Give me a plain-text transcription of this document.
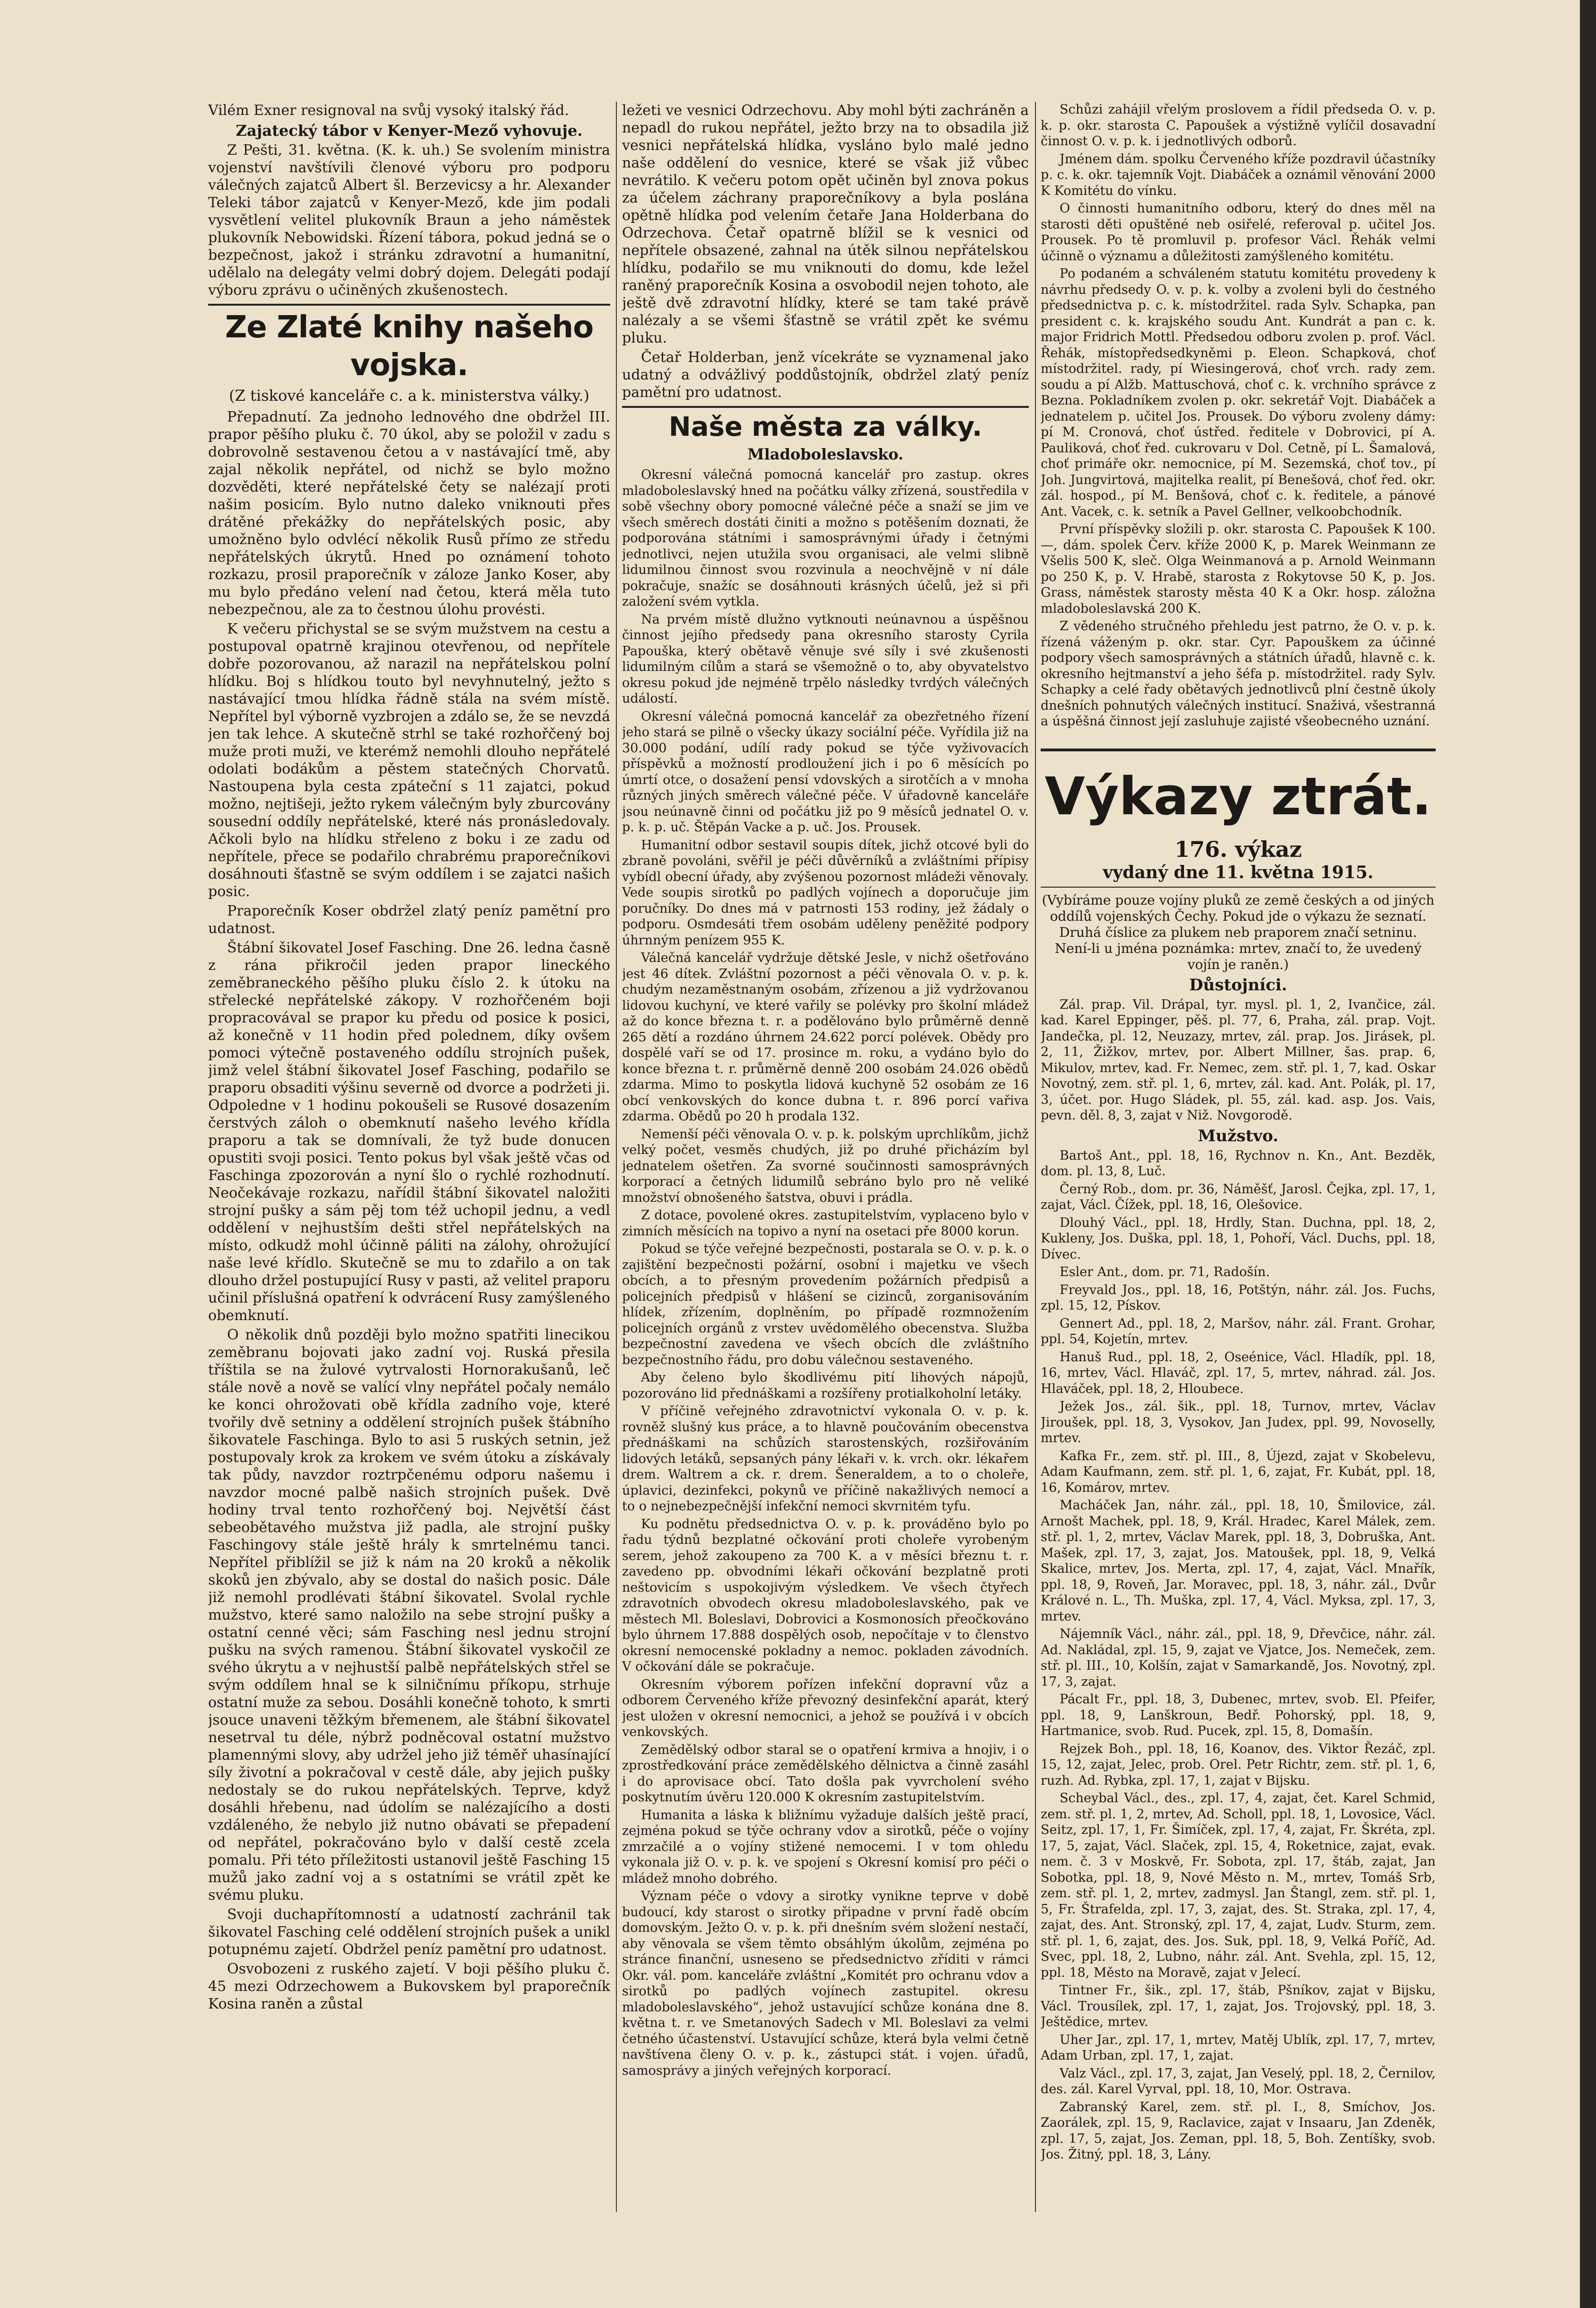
Vilém Exner resignoval na svůj vysoký italský řád.

Zajatecký tábor v Kenyer-Mező vyhovuje.

Z Pešti, 31. května. (K. k. uh.) Se svolením ministra vojenství navštívili členové výboru pro podporu válečných zajatců Albert šl. Berzevicsy a hr. Alexander Teleki tábor zajatců v Kenyer-Mező, kde jim podali vysvětlení velitel plukovník Braun a jeho náměstek plukovník Nebowidski. Řízení tábora, pokud jedná se o bezpečnost, jakož i stránku zdravotní a humanitní, udělalo na delegáty velmi dobrý dojem. Delegáti podají výboru zprávu o učiněných zkušenostech.

Ze Zlaté knihy našeho vojska.
(Z tiskové kanceláře c. a k. ministerstva války.)

Přepadnutí. Za jednoho lednového dne obdržel III. prapor pěšího pluku č. 70 úkol, aby se položil v zadu s dobrovolně sestavenou četou a v nastávající tmě, aby zajal několik nepřátel, od nichž se bylo možno dozvěděti, které nepřátelské čety se nalézají proti našim posicím. Bylo nutno daleko vniknouti přes drátěné překážky do nepřátelských posic, aby umožněno bylo odvlécí několik Rusů přímo ze středu nepřátelských úkrytů. Hned po oznámení tohoto rozkazu, prosil praporečník v záloze Janko Koser, aby mu bylo předáno velení nad četou, která měla tuto nebezpečnou, ale za to čestnou úlohu provésti.

K večeru přichystal se se svým mužstvem na cestu a postupoval opatrně krajinou otevřenou, od nepřítele dobře pozorovanou, až narazil na nepřátelskou polní hlídku. Boj s hlídkou touto byl nevyhnutelný, ježto s nastávající tmou hlídka řádně stála na svém místě. Nepřítel byl výborně vyzbrojen a zdálo se, že se nevzdá jen tak lehce. A skutečně strhl se také rozhořčený boj muže proti muži, ve kterémž nemohli dlouho nepřátelé odolati bodákům a pěstem statečných Chorvatů. Nastoupena byla cesta zpáteční s 11 zajatci, pokud možno, nejtišeji, ježto rykem válečným byly zburcovány sousední oddíly nepřátelské, které nás pronásledovaly. Ačkoli bylo na hlídku střeleno z boku i ze zadu od nepřítele, přece se podařilo chrabrému praporečníkovi dosáhnouti šťastně se svým oddílem i se zajatci našich posic.

Praporečník Koser obdržel zlatý peníz pamětní pro udatnost.

Štábní šikovatel Josef Fasching. Dne 26. ledna časně z rána přikročil jeden prapor lineckého zeměbraneckého pěšího pluku číslo 2. k útoku na střelecké nepřátelské zákopy. V rozhořčeném boji propracovával se prapor ku předu od posice k posici, až konečně v 11 hodin před polednem, díky ovšem pomoci výtečně postaveného oddílu strojních pušek, jimž velel štábní šikovatel Josef Fasching, podařilo se praporu obsaditi výšinu severně od dvorce a podržeti ji. Odpoledne v 1 hodinu pokoušeli se Rusové dosazením čerstvých záloh o obemknutí našeho levého křídla praporu a tak se domnívali, že tyž bude donucen opustiti svoji posici. Tento pokus byl však ještě včas od Faschinga zpozorován a nyní šlo o rychlé rozhodnutí. Neočekávaje rozkazu, nařídil štábní šikovatel naložiti strojní pušky a sám pěj tom též uchopil jednu, a vedl oddělení v nejhustším dešti střel nepřátelských na místo, odkudž mohl účinně páliti na zálohy, ohrožující naše levé křídlo. Skutečně se mu to zdařilo a on tak dlouho držel postupující Rusy v pasti, až velitel praporu učinil příslušná opatření k odvrácení Rusy zamýšleného obemknutí.

O několik dnů později bylo možno spatřiti linecikou zeměbranu bojovati jako zadní voj. Ruská přesila tříštila se na žulové vytrvalosti Hornorakušanů, leč stále nově a nově se valící vlny nepřátel počaly nemálo ke konci ohrožovati obě křídla zadního voje, které tvořily dvě setniny a oddělení strojních pušek štábního šikovatele Faschinga. Bylo to asi 5 ruských setnin, jež postupovaly krok za krokem ve svém útoku a získávaly tak půdy, navzdor roztrpčenému odporu našemu i navzdor mocné palbě našich strojních pušek. Dvě hodiny trval tento rozhořčený boj. Největší část sebeobětavého mužstva již padla, ale strojní pušky Faschingovy stále ještě hrály k smrtelnému tanci. Nepřítel přiblížil se již k nám na 20 kroků a několik skoků jen zbývalo, aby se dostal do našich posic. Dále již nemohl prodlévati štábní šikovatel. Svolal rychle mužstvo, které samo naložilo na sebe strojní pušky a ostatní cenné věci; sám Fasching nesl jednu strojní pušku na svých ramenou. Štábní šikovatel vyskočil ze svého úkrytu a v nejhustší palbě nepřátelských střel se svým oddílem hnal se k silničnímu příkopu, strhuje ostatní muže za sebou. Dosáhli konečně tohoto, k smrti jsouce unaveni těžkým břemenem, ale štábní šikovatel nesetrval tu déle, nýbrž podněcoval ostatní mužstvo plamennými slovy, aby udržel jeho již téměř uhasínající síly životní a pokračoval v cestě dále, aby jejich pušky nedostaly se do rukou nepřátelských. Teprve, když dosáhli hřebenu, nad údolím se nalézajícího a dosti vzdáleného, že nebylo již nutno obávati se přepadení od nepřátel, pokračováno bylo v další cestě zcela pomalu. Při této příležitosti ustanovil ještě Fasching 15 mužů jako zadní voj a s ostatními se vrátil zpět ke svému pluku.

Svoji duchapřítomností a udatností zachránil tak šikovatel Fasching celé oddělení strojních pušek a unikl potupnému zajetí. Obdržel peníz pamětní pro udatnost.

Osvobozeni z ruského zajetí. V boji pěšího pluku č. 45 mezi Odrzechowem a Bukovskem byl praporečník Kosina raněn a zůstal

ležeti ve vesnici Odrzechovu. Aby mohl býti zachráněn a nepadl do rukou nepřátel, ježto brzy na to obsadila již vesnici nepřátelská hlídka, vysláno bylo malé jedno naše oddělení do vesnice, které se však již vůbec nevrátilo. K večeru potom opět učiněn byl znova pokus za účelem záchrany praporečníkovy a byla poslána opětně hlídka pod velením četaře Jana Holderbana do Odrzechova. Četař opatrně blížil se k vesnici od nepřítele obsazené, zahnal na útěk silnou nepřátelskou hlídku, podařilo se mu vniknouti do domu, kde ležel raněný praporečník Kosina a osvobodil nejen tohoto, ale ještě dvě zdravotní hlídky, které se tam také právě nalézaly a se všemi šťastně se vrátil zpět ke svému pluku.

Četař Holderban, jenž vícekráte se vyznamenal jako udatný a odvážlivý poddůstojník, obdržel zlatý peníz pamětní pro udatnost.

Naše města za války.
Mladoboleslavsko.

Okresní válečná pomocná kancelář pro zastup. okres mladoboleslavský hned na počátku války zřízená, soustředila v sobě všechny obory pomocné válečné péče a snaží se jim ve všech směrech dostáti činiti a možno s potěšením doznati, že podporována státními i samosprávnými úřady i četnými jednotlivci, nejen utužila svou organisaci, ale velmi slibně lidumilnou činnost svou rozvinula a neochvějně v ní dále pokračuje, snažíc se dosáhnouti krásných účelů, jež si při založení svém vytkla.

Na prvém místě dlužno vytknouti neúnavnou a úspěšnou činnost jejího předsedy pana okresního starosty Cyrila Papouška, který obětavě věnuje své síly i své zkušenosti lidumilným cílům a stará se všemožně o to, aby obyvatelstvo okresu pokud jde nejméně trpělo následky tvrdých válečných událostí.

Okresní válečná pomocná kancelář za obezřetného řízení jeho stará se pilně o všecky úkazy sociální péče. Vyřídila již na 30.000 podání, udílí rady pokud se týče vyživovacích příspěvků a možností prodloužení jich i po 6 měsících po úmrtí otce, o dosažení pensí vdovských a sirotčích a v mnoha různých jiných směrech válečné péče. V úřadovně kanceláře jsou neúnavně činni od počátku již po 9 měsíců jednatel O. v. p. k. p. uč. Štěpán Vacke a p. uč. Jos. Prousek.

Humanitní odbor sestavil soupis dítek, jichž otcové byli do zbraně povoláni, svěřil je péči důvěrníků a zvláštními přípisy vybídl obecní úřady, aby zvýšenou pozornost mládeži věnovaly. Vede soupis sirotků po padlých vojínech a doporučuje jim poručníky. Do dnes má v patrnosti 153 rodiny, jež žádaly o podporu. Osmdesáti třem osobám uděleny peněžité podpory úhrnným penízem 955 K.

Válečná kancelář vydržuje dětské Jesle, v nichž ošetřováno jest 46 dítek. Zvláštní pozornost a péči věnovala O. v. p. k. chudým nezaměstnaným osobám, zřízenou a již vydržovanou lidovou kuchyní, ve které vařily se polévky pro školní mládež až do konce března t. r. a podělováno bylo průměrně denně 265 dětí a rozdáno úhrnem 24.622 porcí polévek. Obědy pro dospělé vaří se od 17. prosince m. roku, a vydáno bylo do konce března t. r. průměrně denně 200 osobám 24.026 obědů zdarma. Mimo to poskytla lidová kuchyně 52 osobám ze 16 obcí venkovských do konce dubna t. r. 896 porcí vařiva zdarma. Obědů po 20 h prodala 132.

Nemenší péči věnovala O. v. p. k. polským uprchlíkům, jichž velký počet, vesměs chudých, již po druhé přicházím byl jednatelem ošetřen. Za svorné součinnosti samosprávných korporací a četných lidumilů sebráno bylo pro ně veliké množství obnošeného šatstva, obuvi i prádla.

Z dotace, povolené okres. zastupitelstvím, vyplaceno bylo v zimních měsících na topivo a nyní na osetaci pře 8000 korun.

Pokud se týče veřejné bezpečnosti, postarala se O. v. p. k. o zajištění bezpečnosti požární, osobní i majetku ve všech obcích, a to přesným provedením požárních předpisů a policejních předpisů v hlášení se cizinců, zorganisováním hlídek, zřízením, doplněním, po případě rozmnožením policejních orgánů z vrstev uvědomělého obecenstva. Služba bezpečnostní zavedena ve všech obcích dle zvláštního bezpečnostního řádu, pro dobu válečnou sestaveného.

Aby čeleno bylo škodlivému pití lihových nápojů, pozorováno lid přednáškami a rozšířeny protialkoholní letáky.

V příčině veřejného zdravotnictví vykonala O. v. p. k. rovněž slušný kus práce, a to hlavně poučováním obecenstva přednáškami na schůzích starostenských, rozšiřováním lidových letáků, sepsaných pány lékaři v. k. vrch. okr. lékařem drem. Waltrem a ck. r. drem. Šeneraldem, a to o choleře, úplavici, dezinfekci, pokynů ve příčině nakažlivých nemocí a to o nejnebezpečnější infekční nemoci skvrnitém tyfu.

Ku podnětu předsednictva O. v. p. k. prováděno bylo po řadu týdnů bezplatné očkování proti choleře vyrobeným serem, jehož zakoupeno za 700 K. a v měsíci březnu t. r. zavedeno pp. obvodními lékaři očkování bezplatně proti neštovicím s uspokojivým výsledkem. Ve všech čtyřech zdravotních obvodech okresu mladoboleslavského, pak ve městech Ml. Boleslavi, Dobrovici a Kosmonosích přeočkováno bylo úhrnem 17.888 dospělých osob, nepočítaje v to členstvo okresní nemocenské pokladny a nemoc. pokladen závodních. V očkování dále se pokračuje.

Okresním výborem pořízen infekční dopravní vůz a odborem Červeného kříže převozný desinfekční aparát, který jest uložen v okresní nemocnici, a jehož se používá i v obcích venkovských.

Zemědělský odbor staral se o opatření krmiva a hnojiv, i o zprostředkování práce zemědělského dělnictva a činně zasáhl i do aprovisace obcí. Tato došla pak vyvrcholení svého poskytnutím úvěru 120.000 K okresním zastupitelstvím.

Humanita a láska k bližnímu vyžaduje dalších ještě prací, zejména pokud se týče ochrany vdov a sirotků, péče o vojíny zmrzačilé a o vojíny stižené nemocemi. I v tom ohledu vykonala již O. v. p. k. ve spojení s Okresní komisí pro péči o mládež mnoho dobrého.

Význam péče o vdovy a sirotky vynikne teprve v době budoucí, kdy starost o sirotky připadne v první řadě obcím domovským. Ježto O. v. p. k. při dnešním svém složení nestačí, aby věnovala se všem těmto obsáhlým úkolům, zejména po stránce finanční, usneseno se předsednictvo zříditi v rámci Okr. vál. pom. kanceláře zvláštní „Komitét pro ochranu vdov a sirotků po padlých vojínech zastupitel. okresu mladoboleslavského“, jehož ustavující schůze konána dne 8. května t. r. ve Smetanových Sadech v Ml. Boleslavi za velmi četného účastenství. Ustavující schůze, která byla velmi četně navštívena členy O. v. p. k., zástupci stát. i vojen. úřadů, samosprávy a jiných veřejných korporací.

Schůzi zahájil vřelým proslovem a řídil předseda O. v. p. k. p. okr. starosta C. Papoušek a výstižně vylíčil dosavadní činnost O. v. p. k. i jednotlivých odborů.

Jménem dám. spolku Červeného kříže pozdravil účastníky p. c. k. okr. tajemník Vojt. Diabáček a oznámil věnování 2000 K Komitétu do vínku.

O činnosti humanitního odboru, který do dnes měl na starosti děti opuštěné neb osiřelé, referoval p. učitel Jos. Prousek. Po tě promluvil p. profesor Václ. Řehák velmi účinně o významu a důležitosti zamýšleného komitétu.

Po podaném a schváleném statutu komitétu provedeny k návrhu předsedy O. v. p. k. volby a zvoleni byli do čestného předsednictva p. c. k. místodržitel. rada Sylv. Schapka, pan president c. k. krajského soudu Ant. Kundrát a pan c. k. major Fridrich Mottl. Předsedou odboru zvolen p. prof. Václ. Řehák, místopředsedkyněmi p. Eleon. Schapková, choť místodržitel. rady, pí Wiesingerová, choť vrch. rady zem. soudu a pí Alžb. Mattuschová, choť c. k. vrchního správce z Bezna. Pokladníkem zvolen p. okr. sekretář Vojt. Diabáček a jednatelem p. učitel Jos. Prousek. Do výboru zvoleny dámy: pí M. Cronová, choť ústřed. ředitele v Dobrovici, pí A. Pauliková, choť řed. cukrovaru v Dol. Cetně, pí L. Šamalová, choť primáře okr. nemocnice, pí M. Sezemská, choť tov., pí Joh. Jungvirtová, majitelka realit, pí Benešová, choť řed. okr. zál. hospod., pí M. Benšová, choť c. k. ředitele, a pánové Ant. Vacek, c. k. setník a Pavel Gellner, velkoobchodník.

První příspěvky složili p. okr. starosta C. Papoušek K 100.—, dám. spolek Červ. kříže 2000 K, p. Marek Weinmann ze Všelis 500 K, sleč. Olga Weinmanová a p. Arnold Weinmann po 250 K, p. V. Hrabě, starosta z Rokytovse 50 K, p. Jos. Grass, náměstek starosty města 40 K a Okr. hosp. záložna mladoboleslavská 200 K.

Z vědeného stručného přehledu jest patrno, že O. v. p. k. řízená váženým p. okr. star. Cyr. Papouškem za účinné podpory všech samosprávných a státních úřadů, hlavně c. k. okresního hejtmanství a jeho šéfa p. místodržitel. rady Sylv. Schapky a celé řady obětavých jednotlivců plní čestně úkoly dnešních pohnutých válečných institucí. Snaživá, všestranná a úspěšná činnost její zasluhuje zajisté všeobecného uznání.

Výkazy ztrát.
176. výkaz
vydaný dne 11. května 1915.
(Vybíráme pouze vojíny pluků ze země českých a od jiných oddílů vojenských Čechy. Pokud jde o výkazu že seznatí. Druhá číslice za plukem neb praporem značí setninu. Není-li u jména poznámka: mrtev, značí to, že uvedený vojín je raněn.)
Důstojníci.

Zál. prap. Vil. Drápal, tyr. mysl. pl. 1, 2, Ivančice, zál. kad. Karel Eppinger, pěš. pl. 77, 6, Praha, zál. prap. Vojt. Jandečka, pl. 12, Neuzazy, mrtev, zál. prap. Jos. Jirásek, pl. 2, 11, Žižkov, mrtev, por. Albert Millner, šas. prap. 6, Mikulov, mrtev, kad. Fr. Nemec, zem. stř. pl. 1, 7, kad. Oskar Novotný, zem. stř. pl. 1, 6, mrtev, zál. kad. Ant. Polák, pl. 17, 3, účet. por. Hugo Sládek, pl. 55, zál. kad. asp. Jos. Vais, pevn. děl. 8, 3, zajat v Niž. Novgorodě.

Mužstvo.

Bartoš Ant., ppl. 18, 16, Rychnov n. Kn., Ant. Bezděk, dom. pl. 13, 8, Luč.

Černý Rob., dom. pr. 36, Náměšť, Jarosl. Čejka, zpl. 17, 1, zajat, Václ. Čížek, ppl. 18, 16, Olešovice.

Dlouhý Václ., ppl. 18, Hrdly, Stan. Duchna, ppl. 18, 2, Kukleny, Jos. Duška, ppl. 18, 1, Pohoří, Václ. Duchs, ppl. 18, Dívec.

Esler Ant., dom. pr. 71, Radošín.

Freyvald Jos., ppl. 18, 16, Potštýn, náhr. zál. Jos. Fuchs, zpl. 15, 12, Pískov.

Gennert Ad., ppl. 18, 2, Maršov, náhr. zál. Frant. Grohar, ppl. 54, Kojetín, mrtev.

Hanuš Rud., ppl. 18, 2, Oseénice, Václ. Hladík, ppl. 18, 16, mrtev, Václ. Hlaváč, zpl. 17, 5, mrtev, náhrad. zál. Jos. Hlaváček, ppl. 18, 2, Hloubece.

Ježek Jos., zál. šik., ppl. 18, Turnov, mrtev, Václav Jiroušek, ppl. 18, 3, Vysokov, Jan Judex, ppl. 99, Novoselly, mrtev.

Kafka Fr., zem. stř. pl. III., 8, Újezd, zajat v Skobelevu, Adam Kaufmann, zem. stř. pl. 1, 6, zajat, Fr. Kubát, ppl. 18, 16, Komárov, mrtev.

Macháček Jan, náhr. zál., ppl. 18, 10, Šmilovice, zál. Arnošt Machek, ppl. 18, 9, Král. Hradec, Karel Málek, zem. stř. pl. 1, 2, mrtev, Václav Marek, ppl. 18, 3, Dobruška, Ant. Mašek, zpl. 17, 3, zajat, Jos. Matoušek, ppl. 18, 9, Velká Skalice, mrtev, Jos. Merta, zpl. 17, 4, zajat, Václ. Mnařík, ppl. 18, 9, Roveň, Jar. Moravec, ppl. 18, 3, náhr. zál., Dvůr Králové n. L., Th. Muška, zpl. 17, 4, Václ. Myksa, zpl. 17, 3, mrtev.

Nájemník Václ., náhr. zál., ppl. 18, 9, Dřevčice, náhr. zál. Ad. Nakládal, zpl. 15, 9, zajat ve Vjatce, Jos. Nemeček, zem. stř. pl. III., 10, Kolšín, zajat v Samarkandě, Jos. Novotný, zpl. 17, 3, zajat.

Pácalt Fr., ppl. 18, 3, Dubenec, mrtev, svob. El. Pfeifer, ppl. 18, 9, Lanškroun, Bedř. Pohorský, ppl. 18, 9, Hartmanice, svob. Rud. Pucek, zpl. 15, 8, Domašín.

Rejzek Boh., ppl. 18, 16, Koanov, des. Viktor Řezáč, zpl. 15, 12, zajat, Jelec, prob. Orel. Petr Richtr, zem. stř. pl. 1, 6, ruzh. Ad. Rybka, zpl. 17, 1, zajat v Bijsku.

Scheybal Václ., des., zpl. 17, 4, zajat, čet. Karel Schmid, zem. stř. pl. 1, 2, mrtev, Ad. Scholl, ppl. 18, 1, Lovosice, Václ. Seitz, zpl. 17, 1, Fr. Šimíček, zpl. 17, 4, zajat, Fr. Škréta, zpl. 17, 5, zajat, Václ. Slaček, zpl. 15, 4, Roketnice, zajat, evak. nem. č. 3 v Moskvě, Fr. Sobota, zpl. 17, štáb, zajat, Jan Sobotka, ppl. 18, 9, Nové Město n. M., mrtev, Tomáš Srb, zem. stř. pl. 1, 2, mrtev, zadmysl. Jan Štangl, zem. stř. pl. 1, 5, Fr. Štrafelda, zpl. 17, 3, zajat, des. St. Straka, zpl. 17, 4, zajat, des. Ant. Stronský, zpl. 17, 4, zajat, Ludv. Sturm, zem. stř. pl. 1, 6, zajat, des. Jos. Suk, ppl. 18, 9, Velká Poříč, Ad. Svec, ppl. 18, 2, Lubno, náhr. zál. Ant. Svehla, zpl. 15, 12, ppl. 18, Město na Moravě, zajat v Jelecí.

Tintner Fr., šik., zpl. 17, štáb, Pšníkov, zajat v Bijsku, Václ. Trousílek, zpl. 17, 1, zajat, Jos. Trojovský, ppl. 18, 3. Ještědice, mrtev.

Uher Jar., zpl. 17, 1, mrtev, Matěj Ublík, zpl. 17, 7, mrtev, Adam Urban, zpl. 17, 1, zajat.

Valz Václ., zpl. 17, 3, zajat, Jan Veselý, ppl. 18, 2, Černilov, des. zál. Karel Vyrval, ppl. 18, 10, Mor. Ostrava.

Zabranský Karel, zem. stř. pl. I., 8, Smíchov, Jos. Zaorálek, zpl. 15, 9, Raclavice, zajat v Insaaru, Jan Zdeněk, zpl. 17, 5, zajat, Jos. Zeman, ppl. 18, 5, Boh. Zentíšky, svob. Jos. Žitný, ppl. 18, 3, Lány.
